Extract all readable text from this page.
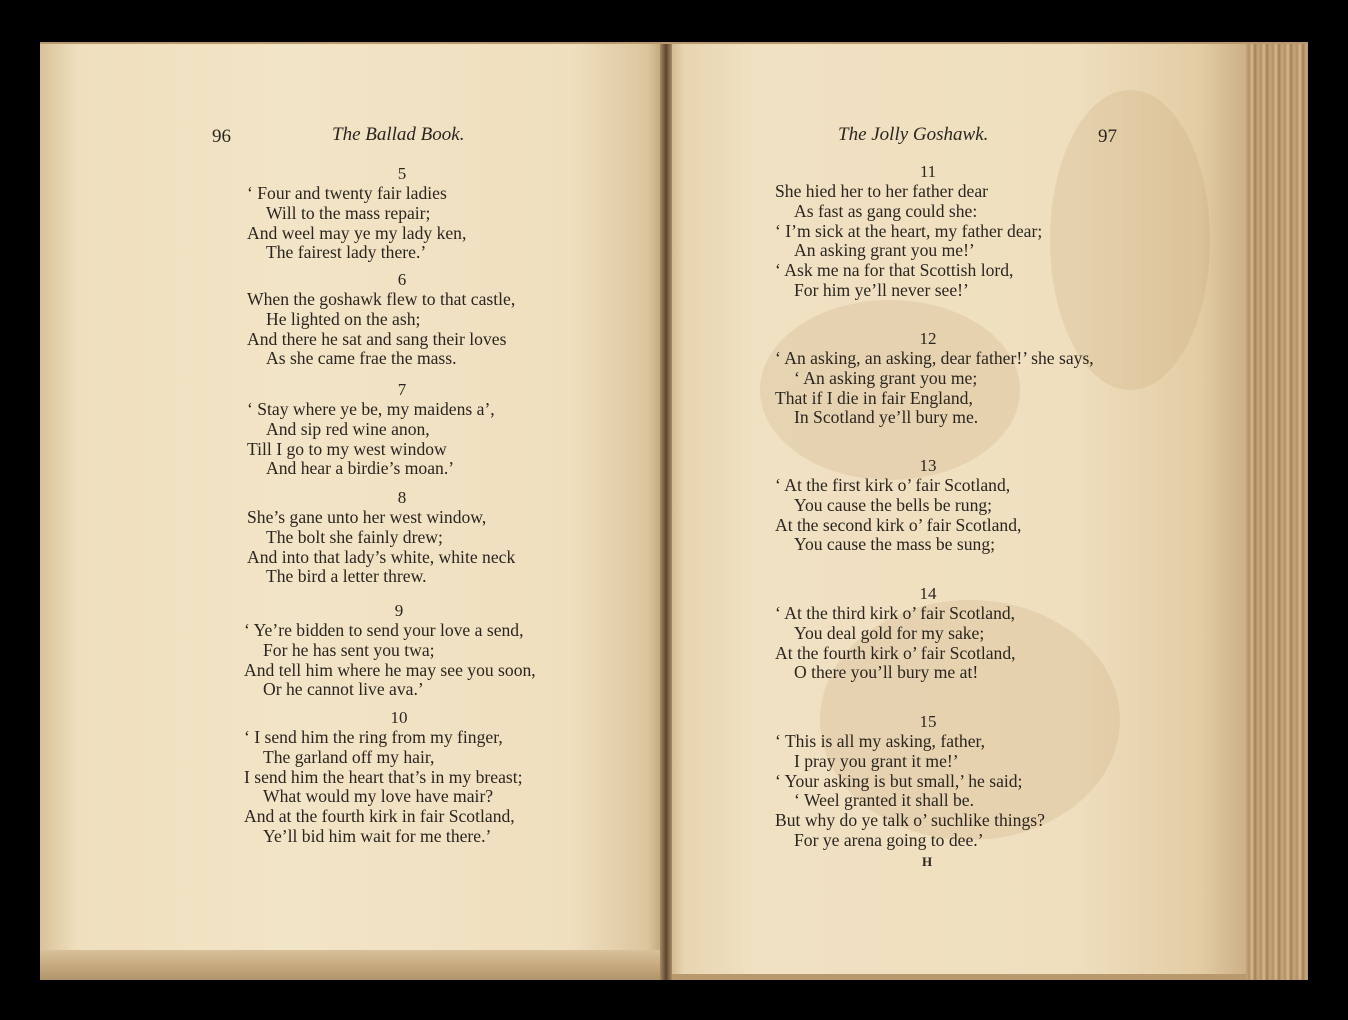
96	The Ballad Book.
5
‘ Four and twenty fair ladies
Will to the mass repair;
And weel may ye my lady ken,
The fairest lady there.’
6
When the goshawk flew to that castle,
He lighted on the ash;
And there he sat and sang their loves
As she came frae the mass.
7
‘ Stay where ye be, my maidens a’,
And sip red wine anon,
Till I go to my west window
And hear a birdie’s moan.’
8
She’s gane unto her west window,
The bolt she fainly drew;
And into that lady’s white, white neck
The bird a letter threw.
9
‘ Ye’re bidden to send your love a send,
For he has sent you twa;
And tell him where he may see you soon,
Or he cannot live ava.’
10
‘ I send him the ring from my finger,
The garland off my hair,
I send him the heart that’s in my breast;
What would my love have mair?
And at the fourth kirk in fair Scotland,
Ye’ll bid him wait for me there.’
The Jolly Goshawk.	97
11
She hied her to her father dear
As fast as gang could she:
‘ I’m sick at the heart, my father dear;
An asking grant you me!’
‘ Ask me na for that Scottish lord,
For him ye’ll never see!’
12
‘ An asking, an asking, dear father!’ she says,
‘ An asking grant you me;
That if I die in fair England,
In Scotland ye’ll bury me.
13
‘ At the first kirk o’ fair Scotland,
You cause the bells be rung;
At the second kirk o’ fair Scotland,
You cause the mass be sung;
14
‘ At the third kirk o’ fair Scotland,
You deal gold for my sake;
At the fourth kirk o’ fair Scotland,
O there you’ll bury me at!
15
‘ This is all my asking, father,
I pray you grant it me!’
‘ Your asking is but small,’ he said;
‘ Weel granted it shall be.
But why do ye talk o’ suchlike things?
For ye arena going to dee.’
H
